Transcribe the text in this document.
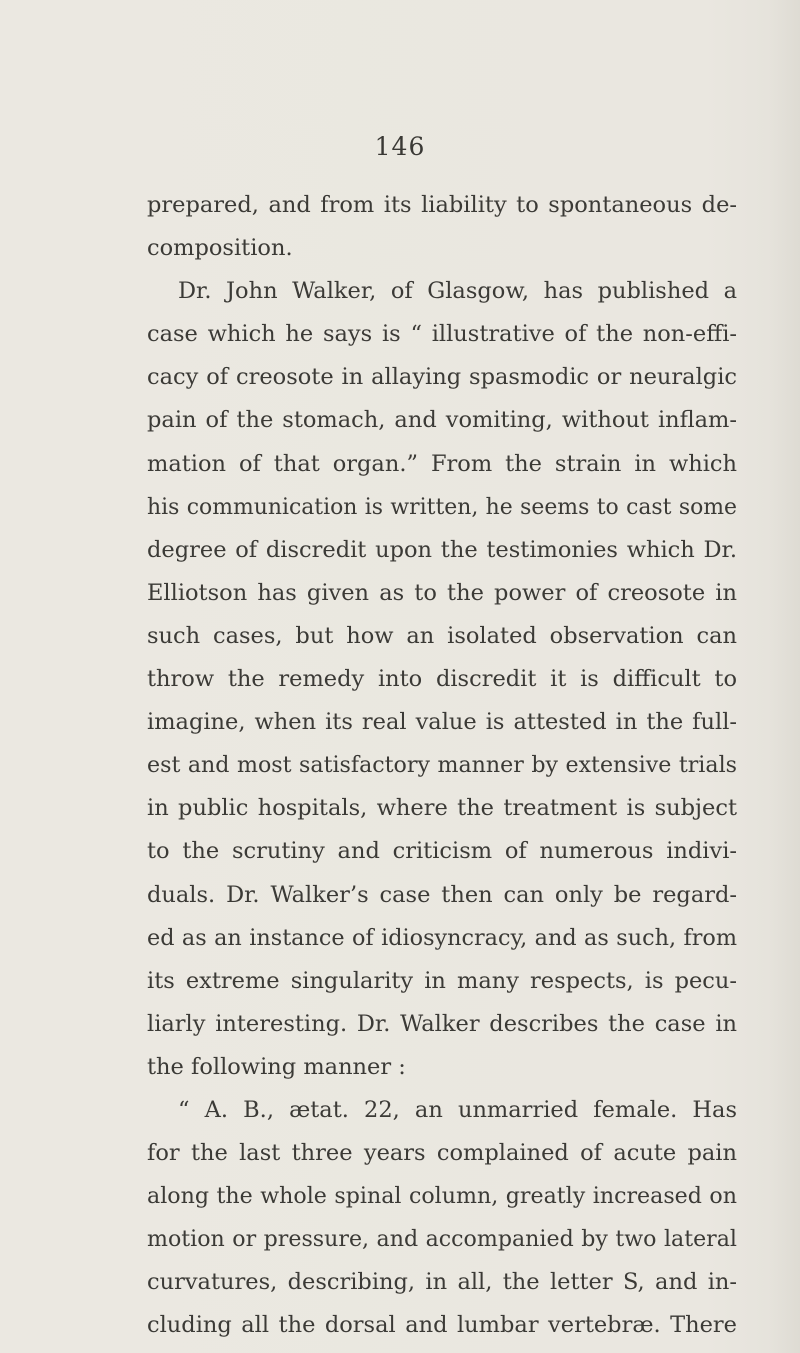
146
prepared, and from its liability to spontaneous de-
composition.
Dr. John Walker, of Glasgow, has published a
case which he says is “ illustrative of the non-effi-
cacy of creosote in allaying spasmodic or neuralgic
pain of the stomach, and vomiting, without inflam-
mation of that organ.” From the strain in which
his communication is written, he seems to cast some
degree of discredit upon the testimonies which Dr.
Elliotson has given as to the power of creosote in
such cases, but how an isolated observation can
throw the remedy into discredit it is difficult to
imagine, when its real value is attested in the full-
est and most satisfactory manner by extensive trials
in public hospitals, where the treatment is subject
to the scrutiny and criticism of numerous indivi-
duals. Dr. Walker’s case then can only be regard-
ed as an instance of idiosyncracy, and as such, from
its extreme singularity in many respects, is pecu-
liarly interesting. Dr. Walker describes the case in
the following manner :
“ A. B., ætat. 22, an unmarried female. Has
for the last three years complained of acute pain
along the whole spinal column, greatly increased on
motion or pressure, and accompanied by two lateral
curvatures, describing, in all, the letter S, and in-
cluding all the dorsal and lumbar vertebræ. There
